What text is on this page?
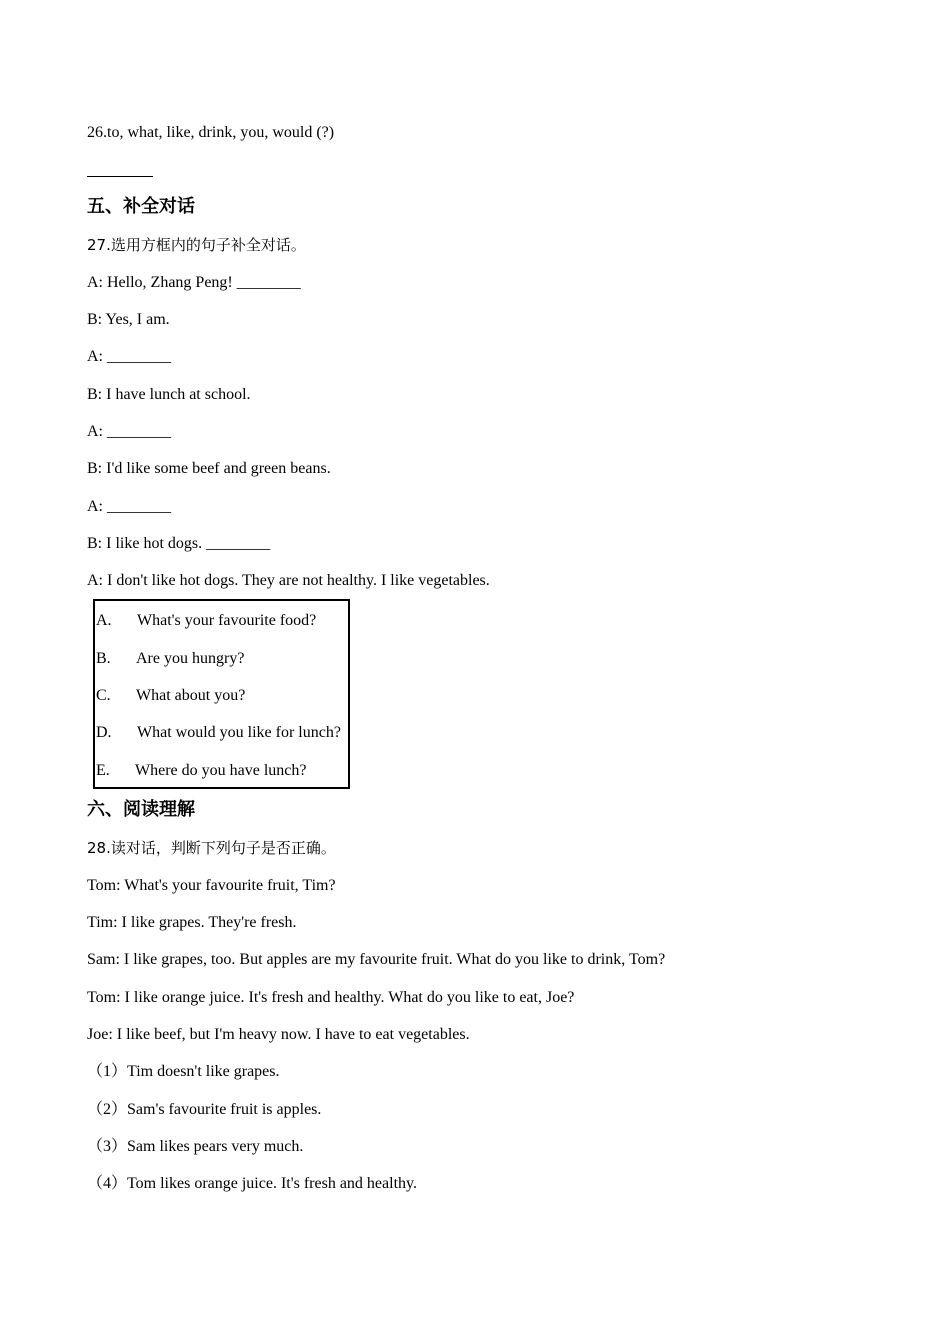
26.to, what, like, drink, you, would (?)
五、补全对话
27.选用方框内的句子补全对话。
A: Hello, Zhang Peng! ________
B: Yes, I am.
A: ________
B: I have lunch at school.
A: ________
B: I'd like some beef and green beans.
A: ________
B: I like hot dogs. ________
A: I don't like hot dogs. They are not healthy. I like vegetables.
A. What's your favourite food?
B. Are you hungry?
C. What about you?
D. What would you like for lunch?
E. Where do you have lunch?
六、阅读理解
28.读对话，判断下列句子是否正确。
Tom: What's your favourite fruit, Tim?
Tim: I like grapes. They're fresh.
Sam: I like grapes, too. But apples are my favourite fruit. What do you like to drink, Tom?
Tom: I like orange juice. It's fresh and healthy. What do you like to eat, Joe?
Joe: I like beef, but I'm heavy now. I have to eat vegetables.
（1）Tim doesn't like grapes.
（2）Sam's favourite fruit is apples.
（3）Sam likes pears very much.
（4）Tom likes orange juice. It's fresh and healthy.
